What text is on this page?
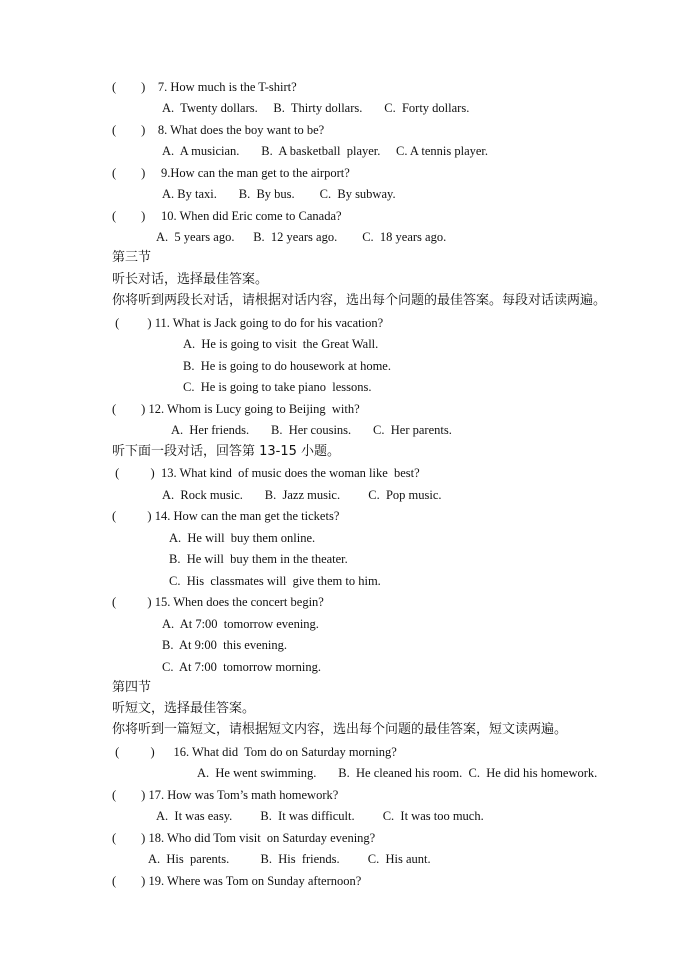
(        )    7. How much is the T-shirt?
A.  Twenty dollars.     B.  Thirty dollars.       C.  Forty dollars.
(        )    8. What does the boy want to be?
A.  A musician.       B.  A basketball  player.     C. A tennis player.
(        )     9.How can the man get to the airport?
A. By taxi.       B.  By bus.        C.  By subway.
(        )     10. When did Eric come to Canada?
A.  5 years ago.      B.  12 years ago.        C.  18 years ago.
第三节
听长对话，选择最佳答案。
你将听到两段长对话，请根据对话内容，选出每个问题的最佳答案。每段对话读两遍。
(         ) 11. What is Jack going to do for his vacation?
A.  He is going to visit  the Great Wall.
B.  He is going to do housework at home.
C.  He is going to take piano  lessons.
(        ) 12. Whom is Lucy going to Beijing  with?
A.  Her friends.       B.  Her cousins.       C.  Her parents.
听下面一段对话，回答第 13-15 小题。
(          )  13. What kind  of music does the woman like  best?
A.  Rock music.       B.  Jazz music.         C.  Pop music.
(          ) 14. How can the man get the tickets?
A.  He will  buy them online.
B.  He will  buy them in the theater.
C.  His  classmates will  give them to him.
(          ) 15. When does the concert begin?
A.  At 7:00  tomorrow evening.
B.  At 9:00  this evening.
C.  At 7:00  tomorrow morning.
第四节
听短文，选择最佳答案。
你将听到一篇短文，请根据短文内容，选出每个问题的最佳答案，短文读两遍。
(          )      16. What did  Tom do on Saturday morning?
A.  He went swimming.       B.  He cleaned his room.  C.  He did his homework.
(        ) 17. How was Tom’s math homework?
A.  It was easy.         B.  It was difficult.         C.  It was too much.
(        ) 18. Who did Tom visit  on Saturday evening?
A.  His  parents.          B.  His  friends.         C.  His aunt.
(        ) 19. Where was Tom on Sunday afternoon?
